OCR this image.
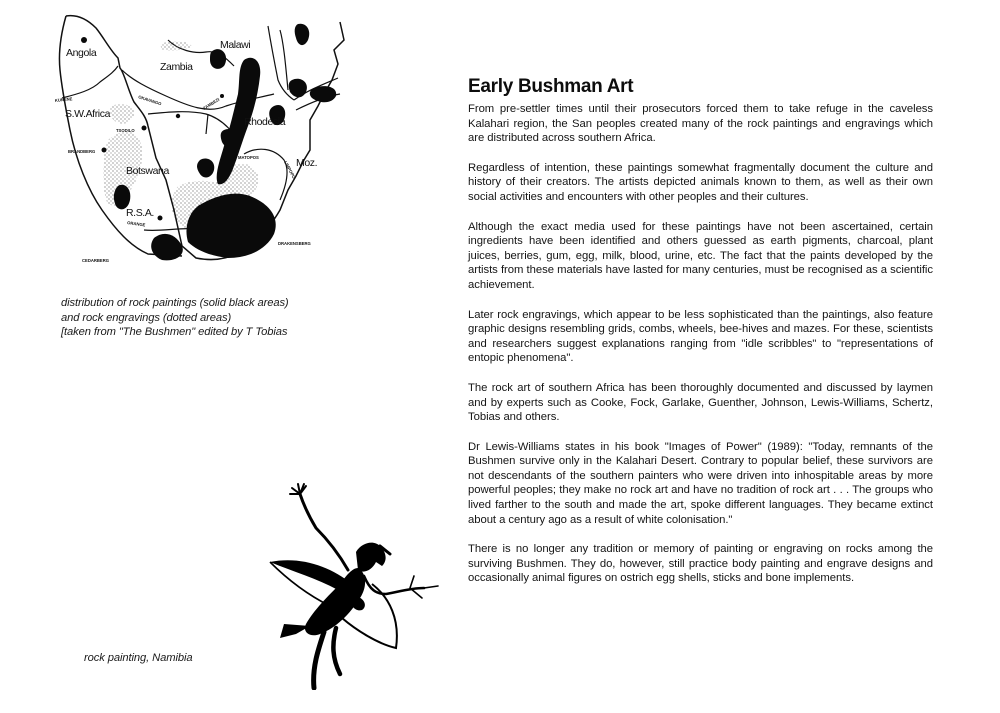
Angola
Zambia
Malawi
S.W.Africa
Rhodesia
Botswana
Moz.
R.S.A.
KUNENE	OKAVANGO
TSODILO
ZAMBEZI
BRANDBERG
MATOPOS
LIMPOPO
ORANGE
DRAKENSBERG
CEDARBERG
distribution of rock paintings (solid black areas)
and rock engravings (dotted areas)
[taken from "The Bushmen" edited by T Tobias
rock painting, Namibia
Early Bushman Art

From pre-settler times until their prosecutors forced them to take refuge in the caveless Kalahari region, the San peoples created many of the rock paintings and engravings which are distributed across southern Africa.

Regardless of intention, these paintings somewhat fragmentally document the culture and history of their creators. The artists depicted animals known to them, as well as their own social activities and encounters with other peoples and their cultures.

Although the exact media used for these paintings have not been ascertained, certain ingredients have been identified and others guessed as earth pigments, charcoal, plant juices, berries, gum, egg, milk, blood, urine, etc. The fact that the paints developed by the artists from these materials have lasted for many centuries, must be recognised as a scientific achievement.

Later rock engravings, which appear to be less sophisticated than the paintings, also feature graphic designs resembling grids, combs, wheels, bee-hives and mazes. For these, scientists and researchers suggest explanations ranging from "idle scribbles" to "representations of entopic phenomena".

The rock art of southern Africa has been thoroughly documented and discussed by laymen and by experts such as Cooke, Fock, Garlake, Guenther, Johnson, Lewis-Williams, Schertz, Tobias and others.

Dr Lewis-Williams states in his book "Images of Power" (1989): "Today, remnants of the Bushmen survive only in the Kalahari Desert. Contrary to popular belief, these survivors are not descendants of the southern painters who were driven into inhospitable areas by more powerful peoples; they make no rock art and have no tradition of rock art . . . The groups who lived farther to the south and made the art, spoke different languages. They became extinct about a century ago as a result of white colonisation."

There is no longer any tradition or memory of painting or engraving on rocks among the surviving Bushmen. They do, however, still practice body painting and engrave designs and occasionally animal figures on ostrich egg shells, sticks and bone implements.
